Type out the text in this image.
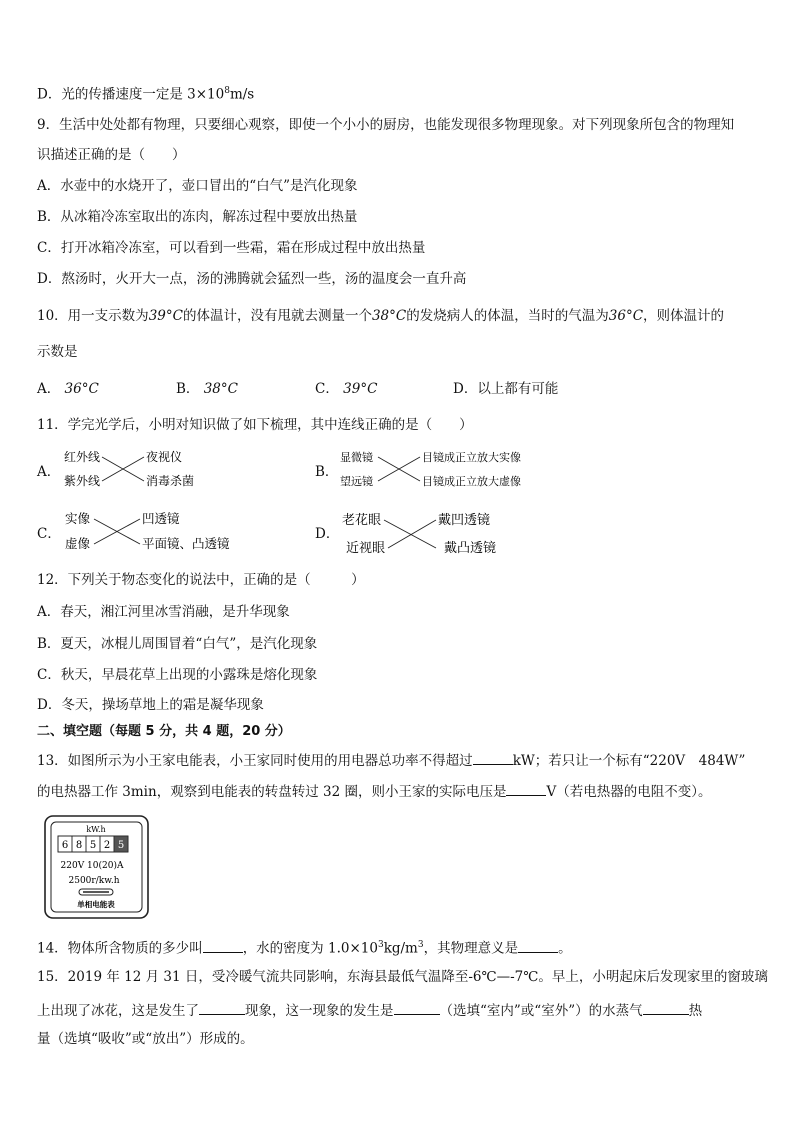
D．光的传播速度一定是 $3\times 10^8m/s$
9．生活中处处都有物理，只要细心观察，即使一个小小的厨房，也能发现很多物理现象。对下列现象所包含的物理知
识描述正确的是（　　）
A．水壶中的水烧开了，壶口冒出的“白气”是汽化现象
B．从冰箱冷冻室取出的冻肉，解冻过程中要放出热量
C．打开冰箱冷冻室，可以看到一些霜，霜在形成过程中放出热量
D．熬汤时，火开大一点，汤的沸腾就会猛烈一些，汤的温度会一直升高
10．用一支示数为39°C的体温计，没有甩就去测量一个38°C的发烧病人的体温，当时的气温为36°C，则体温计的
示数是
A． 36°C	B． 38°C	C． 39°C	D．以上都有可能
11．学完光学后，小明对知识做了如下梳理，其中连线正确的是（　　）
A．
红外线
紫外线
夜视仪
消毒杀菌
B．
显微镜
望远镜
目镜成正立放大实像
目镜成正立放大虚像
C．
实像
虚像
凹透镜
平面镜、凸透镜
D．
老花眼
近视眼
戴凹透镜
戴凸透镜
12．下列关于物态变化的说法中，正确的是（　　　）
A．春天，湘江河里冰雪消融，是升华现象
B．夏天，冰棍儿周围冒着“白气”，是汽化现象
C．秋天，早晨花草上出现的小露珠是熔化现象
D．冬天，操场草地上的霜是凝华现象
二、填空题（每题 5 分，共 4 题，20 分）
13．如图所示为小王家电能表，小王家同时使用的用电器总功率不得超过	kW；若只让一个标有“220V　484W”
的电热器工作 3min，观察到电能表的转盘转过 32 圈，则小王家的实际电压是	V（若电热器的电阻不变）。
kW.h
6 8 5 2 5
220V 10(20)A
2500r/kw.h
单相电能表
14．物体所含物质的多少叫	，水的密度为 $1.0\times 10^3kg/m^3$，其物理意义是	。
15．2019 年 12 月 31 日，受冷暖气流共同影响，东海县最低气温降至-6℃—-7℃。早上，小明起床后发现家里的窗玻璃
上出现了冰花，这是发生了	现象，这一现象的发生是	（选填“室内”或“室外”）的水蒸气	热
量（选填“吸收”或“放出”）形成的。
